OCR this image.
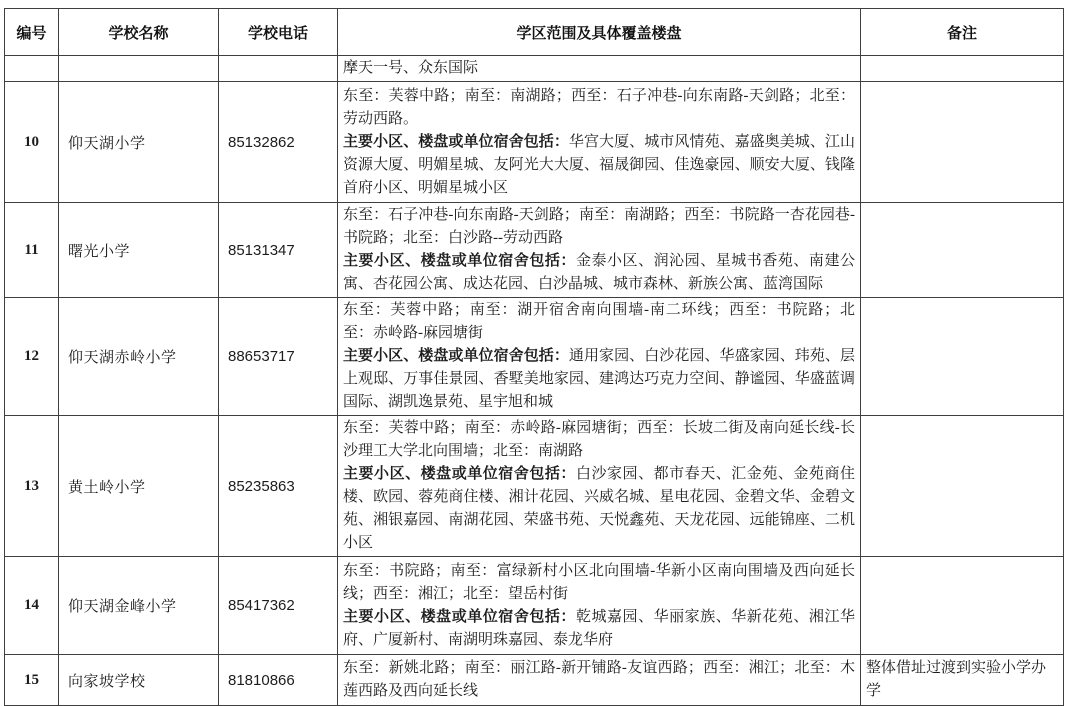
编号	学校名称	学校电话	学区范围及具体覆盖楼盘	备注

			摩天一号、众东国际	

10	仰天湖小学	85132862	东至：芙蓉中路；南至：南湖路；西至：石子冲巷-向东南路-天剑路；北至：劳动西路。
主要小区、楼盘或单位宿舍包括：华宫大厦、城市风情苑、嘉盛奥美城、江山资源大厦、明媚星城、友阿光大大厦、福晟御园、佳逸豪园、顺安大厦、钱隆首府小区、明媚星城小区	

11	曙光小学	85131347	东至：石子冲巷-向东南路-天剑路；南至：南湖路；西至：书院路一杏花园巷-书院路；北至：白沙路--劳动西路
主要小区、楼盘或单位宿舍包括：金泰小区、润沁园、星城书香苑、南建公寓、杏花园公寓、成达花园、白沙晶城、城市森林、新族公寓、蓝湾国际	

12	仰天湖赤岭小学	88653717	东至：芙蓉中路；南至：湖开宿舍南向围墙-南二环线；西至：书院路；北至：赤岭路-麻园塘街
主要小区、楼盘或单位宿舍包括：通用家园、白沙花园、华盛家园、玮苑、层上观邸、万事佳景园、香墅美地家园、建鸿达巧克力空间、静谧园、华盛蓝调国际、湖凯逸景苑、星宇旭和城	

13	黄土岭小学	85235863	东至：芙蓉中路；南至：赤岭路-麻园塘街；西至：长坡二街及南向延长线-长沙理工大学北向围墙；北至：南湖路
主要小区、楼盘或单位宿舍包括：白沙家园、都市春天、汇金苑、金苑商住楼、欧园、蓉苑商住楼、湘计花园、兴威名城、星电花园、金碧文华、金碧文苑、湘银嘉园、南湖花园、荣盛书苑、天悦鑫苑、天龙花园、远能锦座、二机小区	

14	仰天湖金峰小学	85417362	东至：书院路；南至：富绿新村小区北向围墙-华新小区南向围墙及西向延长线；西至：湘江；北至：望岳村街
主要小区、楼盘或单位宿舍包括：乾城嘉园、华丽家族、华新花苑、湘江华府、广厦新村、南湖明珠嘉园、泰龙华府	

15	向家坡学校	81810866	东至：新姚北路；南至：丽江路-新开铺路-友谊西路；西至：湘江；北至：木莲西路及西向延长线	整体借址过渡到实验小学办学
